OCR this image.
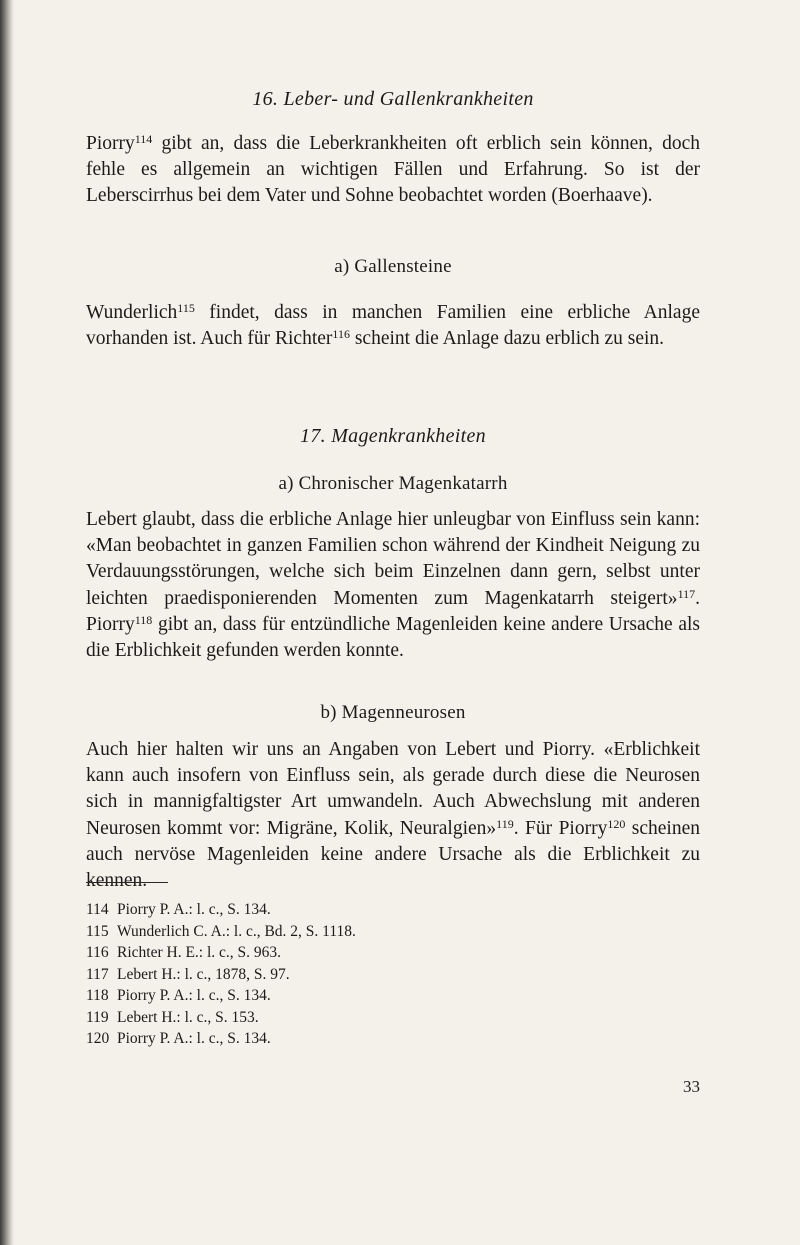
16. Leber- und Gallenkrankheiten

Piorry$^{114}$ gibt an, dass die Leberkrankheiten oft erblich sein können, doch fehle es allgemein an wichtigen Fällen und Erfahrung. So ist der Leberscirrhus bei dem Vater und Sohne beobachtet worden (Boerhaave).

a) Gallensteine

Wunderlich$^{115}$ findet, dass in manchen Familien eine erbliche Anlage vorhanden ist. Auch für Richter$^{116}$ scheint die Anlage dazu erblich zu sein.

17. Magenkrankheiten
a) Chronischer Magenkatarrh

Lebert glaubt, dass die erbliche Anlage hier unleugbar von Einfluss sein kann: «Man beobachtet in ganzen Familien schon während der Kindheit Neigung zu Verdauungsstörungen, welche sich beim Einzelnen dann gern, selbst unter leichten praedisponierenden Momenten zum Magenkatarrh steigert»$^{117}$. Piorry$^{118}$ gibt an, dass für entzündliche Magenleiden keine andere Ursache als die Erblichkeit gefunden werden konnte.

b) Magenneurosen

Auch hier halten wir uns an Angaben von Lebert und Piorry. «Erblichkeit kann auch insofern von Einfluss sein, als gerade durch diese die Neurosen sich in mannigfaltigster Art umwandeln. Auch Abwechslung mit anderen Neurosen kommt vor: Migräne, Kolik, Neuralgien»$^{119}$. Für Piorry$^{120}$ scheinen auch nervöse Magenleiden keine andere Ursache als die Erblichkeit zu kennen.

114 Piorry P. A.: l. c., S. 134.
115 Wunderlich C. A.: l. c., Bd. 2, S. 1118.
116 Richter H. E.: l. c., S. 963.
117 Lebert H.: l. c., 1878, S. 97.
118 Piorry P. A.: l. c., S. 134.
119 Lebert H.: l. c., S. 153.
120 Piorry P. A.: l. c., S. 134.
33
